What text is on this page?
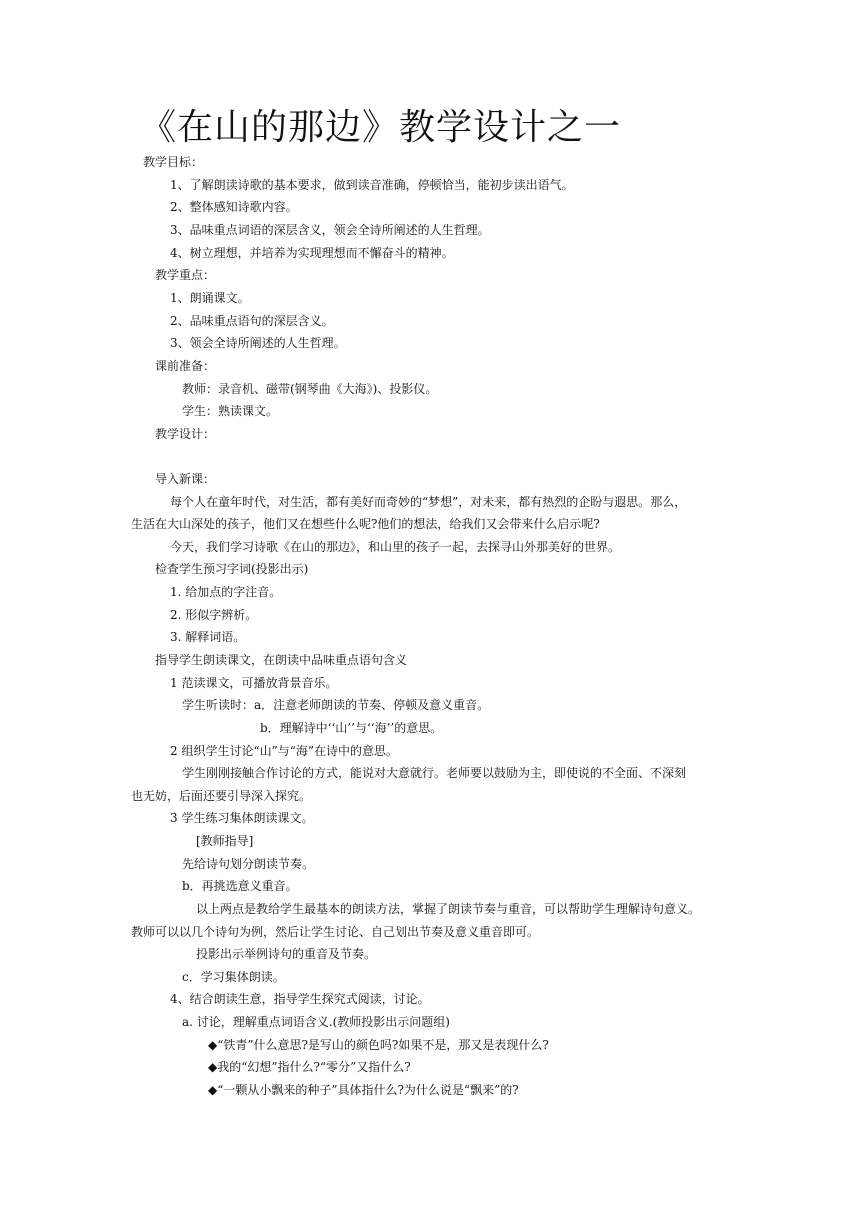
《在山的那边》教学设计之一
教学目标：
1、了解朗读诗歌的基本要求，做到读音准确，停顿恰当，能初步读出语气。
2、整体感知诗歌内容。
3、品味重点词语的深层含义，领会全诗所阐述的人生哲理。
4、树立理想，并培养为实现理想而不懈奋斗的精神。
教学重点：
1、朗诵课文。
2、品味重点语句的深层含义。
3、领会全诗所阐述的人生哲理。
课前准备：
教师：录音机、磁带(钢琴曲《大海》)、投影仪。
学生：熟读课文。
教学设计：
导入新课：
每个人在童年时代，对生活，都有美好而奇妙的“梦想”，对未来，都有热烈的企盼与遐思。那么，
生活在大山深处的孩子，他们又在想些什么呢?他们的想法，给我们又会带来什么启示呢?
今天，我们学习诗歌《在山的那边》，和山里的孩子一起，去探寻山外那美好的世界。
检查学生预习字词(投影出示)
1. 给加点的字注音。
2. 形似字辨析。
3. 解释词语。
指导学生朗读课文，在朗读中品味重点语句含义
1 范读课文，可播放背景音乐。
学生听读时：a．注意老师朗读的节奏、停顿及意义重音。
b．理解诗中‘‘山’’与‘‘海’’的意思。
2 组织学生讨论“山”与“海”在诗中的意思。
学生刚刚接触合作讨论的方式，能说对大意就行。老师要以鼓励为主，即使说的不全面、不深刻
也无妨，后面还要引导深入探究。
3 学生练习集体朗读课文。
[教师指导]
先给诗句划分朗读节奏。
b．再挑选意义重音。
以上两点是教给学生最基本的朗读方法，掌握了朗读节奏与重音，可以帮助学生理解诗句意义。
教师可以以几个诗句为例，然后让学生讨论、自己划出节奏及意义重音即可。
投影出示举例诗句的重音及节奏。
c．学习集体朗读。
4、结合朗读生意，指导学生探究式阅读，讨论。
a. 讨论，理解重点词语含义.(教师投影出示问题组)
◆“铁青”什么意思?是写山的颜色吗?如果不是，那又是表现什么?
◆我的“幻想”指什么?“零分”又指什么?
◆“一颗从小飘来的种子”具体指什么?为什么说是“飘来”的?
